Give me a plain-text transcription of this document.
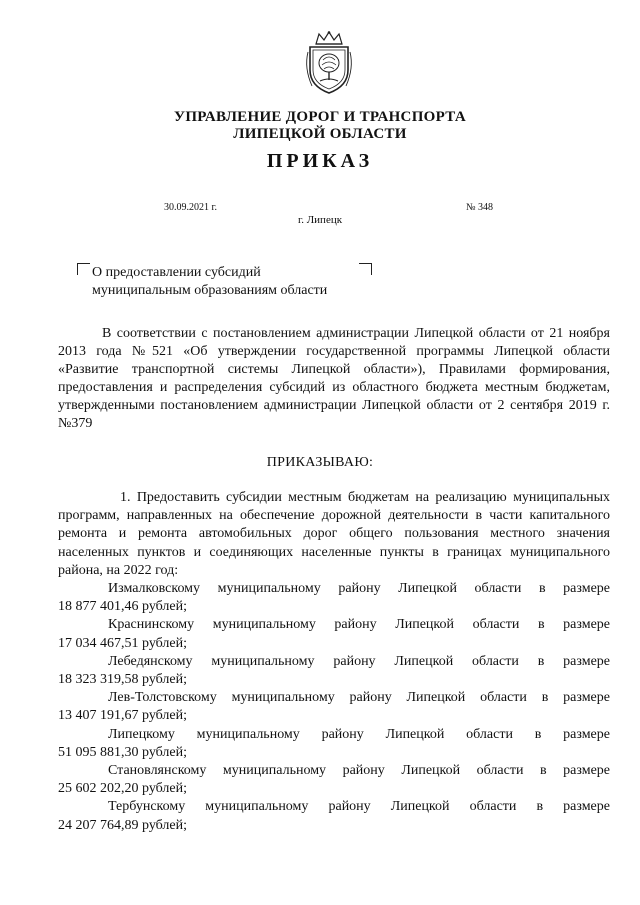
УПРАВЛЕНИЕ ДОРОГ И ТРАНСПОРТА
ЛИПЕЦКОЙ ОБЛАСТИ
ПРИКАЗ
30.09.2021 г.	№ 348
г. Липецк
О предоставлении субсидий
муниципальным образованиям области
В соответствии с постановлением администрации Липецкой области от 21 ноября 2013 года №521 «Об утверждении государственной программы Липецкой области «Развитие транспортной системы Липецкой области»), Правилами формирования, предоставления и распределения субсидий из областного бюджета местным бюджетам, утвержденными постановлением администрации Липецкой области от 2 сентября 2019 г. №379
ПРИКАЗЫВАЮ:
1. Предоставить субсидии местным бюджетам на реализацию муниципальных программ, направленных на обеспечение дорожной деятельности в части капитального ремонта и ремонта автомобильных дорог общего пользования местного значения населенных пунктов и соединяющих населенные пункты в границах муниципального района, на 2022 год:
Измалковскому муниципальному району Липецкой области в размере
18 877 401,46 рублей;
Краснинскому муниципальному району Липецкой области в размере
17 034 467,51 рублей;
Лебедянскому муниципальному району Липецкой области в размере
18 323 319,58 рублей;
Лев-Толстовскому муниципальному району Липецкой области в размере
13 407 191,67 рублей;
Липецкому муниципальному району Липецкой области в размере
51 095 881,30 рублей;
Становлянскому муниципальному району Липецкой области в размере
25 602 202,20 рублей;
Тербунскому муниципальному району Липецкой области в размере
24 207 764,89 рублей;
